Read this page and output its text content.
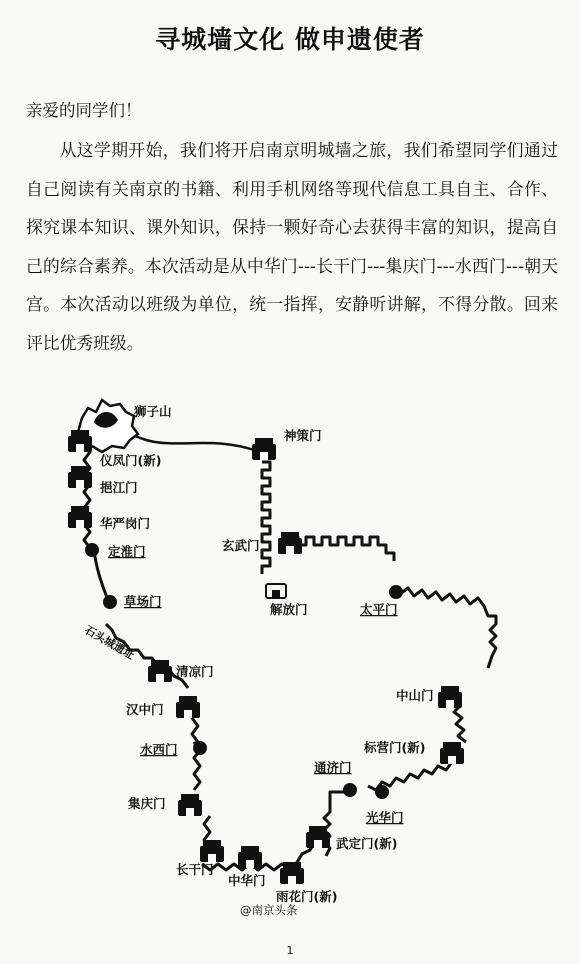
寻城墙文化 做申遗使者
亲爱的同学们！
从这学期开始，我们将开启南京明城墙之旅，我们希望同学们通过自己阅读有关南京的书籍、利用手机网络等现代信息工具自主、合作、探究课本知识、课外知识，保持一颗好奇心去获得丰富的知识，提高自己的综合素养。本次活动是从中华门---长干门---集庆门---水西门---朝天宫。本次活动以班级为单位，统一指挥，安静听讲解，不得分散。回来评比优秀班级。
狮子山
神策门
仪凤门(新)
挹江门
华严岗门
定淮门
草场门
石头城遗址
清凉门
汉中门
水西门
集庆门
长干门
中华门
雨花门(新)
武定门(新)
通济门
光华门
标营门(新)
中山门
太平门
解放门
玄武门
@南京头条
1
